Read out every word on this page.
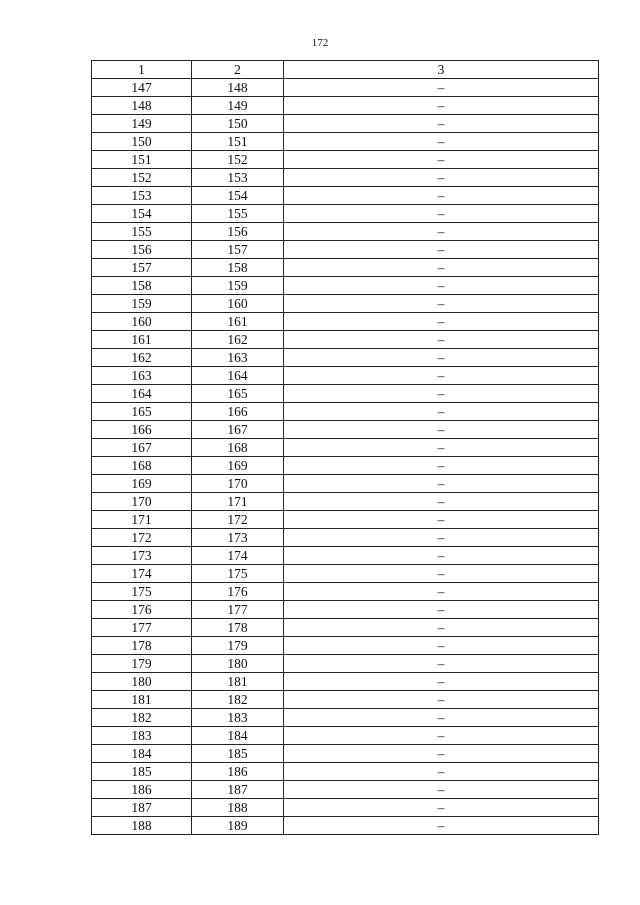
172
1	2	3
147	148	–
148	149	–
149	150	–
150	151	–
151	152	–
152	153	–
153	154	–
154	155	–
155	156	–
156	157	–
157	158	–
158	159	–
159	160	–
160	161	–
161	162	–
162	163	–
163	164	–
164	165	–
165	166	–
166	167	–
167	168	–
168	169	–
169	170	–
170	171	–
171	172	–
172	173	–
173	174	–
174	175	–
175	176	–
176	177	–
177	178	–
178	179	–
179	180	–
180	181	–
181	182	–
182	183	–
183	184	–
184	185	–
185	186	–
186	187	–
187	188	–
188	189	–
